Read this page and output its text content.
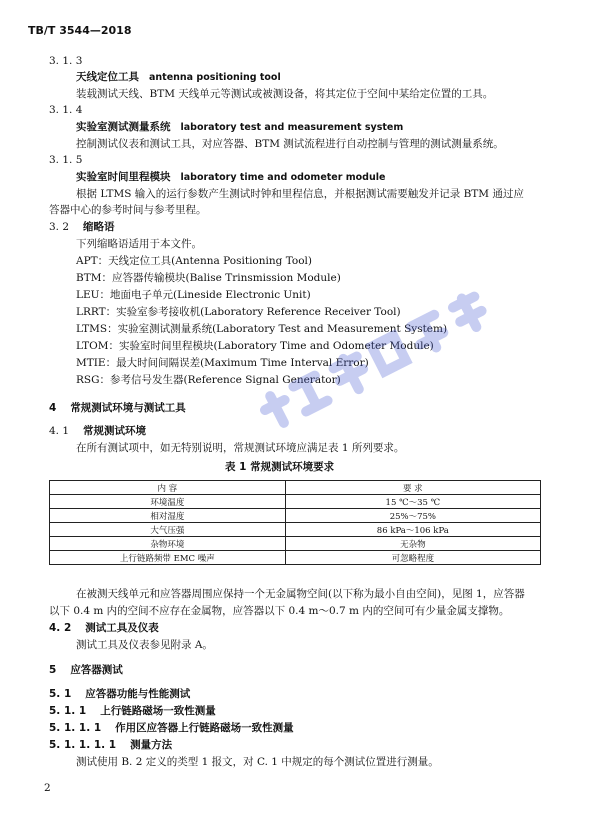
TB/T 3544—2018
3. 1. 3
天线定位工具 antenna positioning tool
装载测试天线、BTM 天线单元等测试或被测设备，将其定位于空间中某给定位置的工具。
3. 1. 4
实验室测试测量系统 laboratory test and measurement system
控制测试仪表和测试工具，对应答器、BTM 测试流程进行自动控制与管理的测试测量系统。
3. 1. 5
实验室时间里程模块 laboratory time and odometer module
根据 LTMS 输入的运行参数产生测试时钟和里程信息，并根据测试需要触发并记录 BTM 通过应
答器中心的参考时间与参考里程。
3. 2 缩略语
下列缩略语适用于本文件。
APT：天线定位工具(Antenna Positioning Tool)
BTM：应答器传输模块(Balise Trinsmission Module)
LEU：地面电子单元(Lineside Electronic Unit)
LRRT：实验室参考接收机(Laboratory Reference Receiver Tool)
LTMS：实验室测试测量系统(Laboratory Test and Measurement System)
LTOM：实验室时间里程模块(Laboratory Time and Odometer Module)
MTIE：最大时间间隔误差(Maximum Time Interval Error)
RSG：参考信号发生器(Reference Signal Generator)
4 常规测试环境与测试工具
4. 1 常规测试环境
在所有测试项中，如无特别说明，常规测试环境应满足表 1 所列要求。
表 1 常规测试环境要求
内 容	要 求
环境温度	15 ℃～35 ℃
相对湿度	25%～75%
大气压强	86 kPa～106 kPa
杂物环境	无杂物
上行链路频带 EMC 噪声	可忽略程度
在被测天线单元和应答器周围应保持一个无金属物空间(以下称为最小自由空间)，见图 1，应答器
以下 0.4 m 内的空间不应存在金属物，应答器以下 0.4 m～0.7 m 内的空间可有少量金属支撑物。
4. 2 测试工具及仪表
测试工具及仪表参见附录 A。
5 应答器测试
5. 1 应答器功能与性能测试
5. 1. 1 上行链路磁场一致性测量
5. 1. 1. 1 作用区应答器上行链路磁场一致性测量
5. 1. 1. 1. 1 测量方法
测试使用 B. 2 定义的类型 1 报文，对 C. 1 中规定的每个测试位置进行测量。
2
